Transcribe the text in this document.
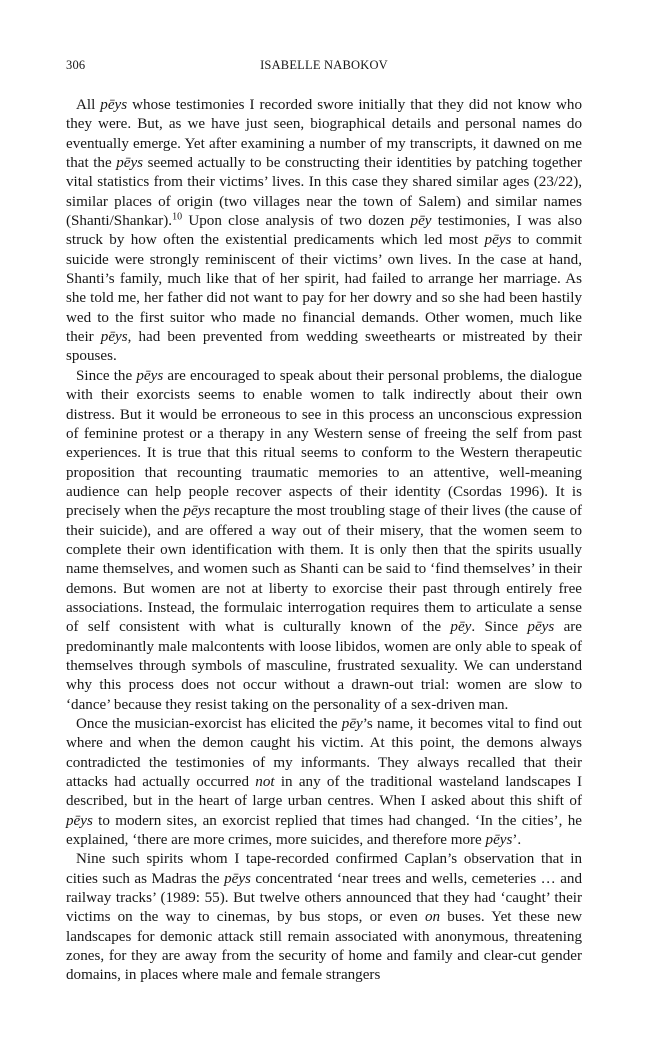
306	ISABELLE NABOKOV

All pēys whose testimonies I recorded swore initially that they did not know who they were. But, as we have just seen, biographical details and personal names do eventually emerge. Yet after examining a number of my transcripts, it dawned on me that the pēys seemed actually to be constructing their identities by patching together vital statistics from their victims’ lives. In this case they shared similar ages (23/22), similar places of origin (two villages near the town of Salem) and similar names (Shanti/Shankar).$^{10}$ Upon close analysis of two dozen pēy testimonies, I was also struck by how often the existential predicaments which led most pēys to commit suicide were strongly reminiscent of their victims’ own lives. In the case at hand, Shanti’s family, much like that of her spirit, had failed to arrange her marriage. As she told me, her father did not want to pay for her dowry and so she had been hastily wed to the first suitor who made no financial demands. Other women, much like their pēys, had been prevented from wedding sweethearts or mistreated by their spouses.

Since the pēys are encouraged to speak about their personal problems, the dialogue with their exorcists seems to enable women to talk indirectly about their own distress. But it would be erroneous to see in this process an unconscious expression of feminine protest or a therapy in any Western sense of freeing the self from past experiences. It is true that this ritual seems to conform to the Western therapeutic proposition that recounting traumatic memories to an attentive, well-meaning audience can help people recover aspects of their identity (Csordas 1996). It is precisely when the pēys recapture the most troubling stage of their lives (the cause of their suicide), and are offered a way out of their misery, that the women seem to complete their own identification with them. It is only then that the spirits usually name themselves, and women such as Shanti can be said to ‘find themselves’ in their demons. But women are not at liberty to exorcise their past through entirely free associations. Instead, the formulaic interrogation requires them to articulate a sense of self consistent with what is culturally known of the pēy. Since pēys are predominantly male malcontents with loose libidos, women are only able to speak of themselves through symbols of masculine, frustrated sexuality. We can understand why this process does not occur without a drawn-out trial: women are slow to ‘dance’ because they resist taking on the personality of a sex-driven man.

Once the musician-exorcist has elicited the pēy’s name, it becomes vital to find out where and when the demon caught his victim. At this point, the demons always contradicted the testimonies of my informants. They always recalled that their attacks had actually occurred not in any of the traditional wasteland landscapes I described, but in the heart of large urban centres. When I asked about this shift of pēys to modern sites, an exorcist replied that times had changed. ‘In the cities’, he explained, ‘there are more crimes, more suicides, and therefore more pēys’.

Nine such spirits whom I tape-recorded confirmed Caplan’s observation that in cities such as Madras the pēys concentrated ‘near trees and wells, cemeteries … and railway tracks’ (1989: 55). But twelve others announced that they had ‘caught’ their victims on the way to cinemas, by bus stops, or even on buses. Yet these new landscapes for demonic attack still remain associated with anonymous, threatening zones, for they are away from the security of home and family and clear-cut gender domains, in places where male and female strangers
